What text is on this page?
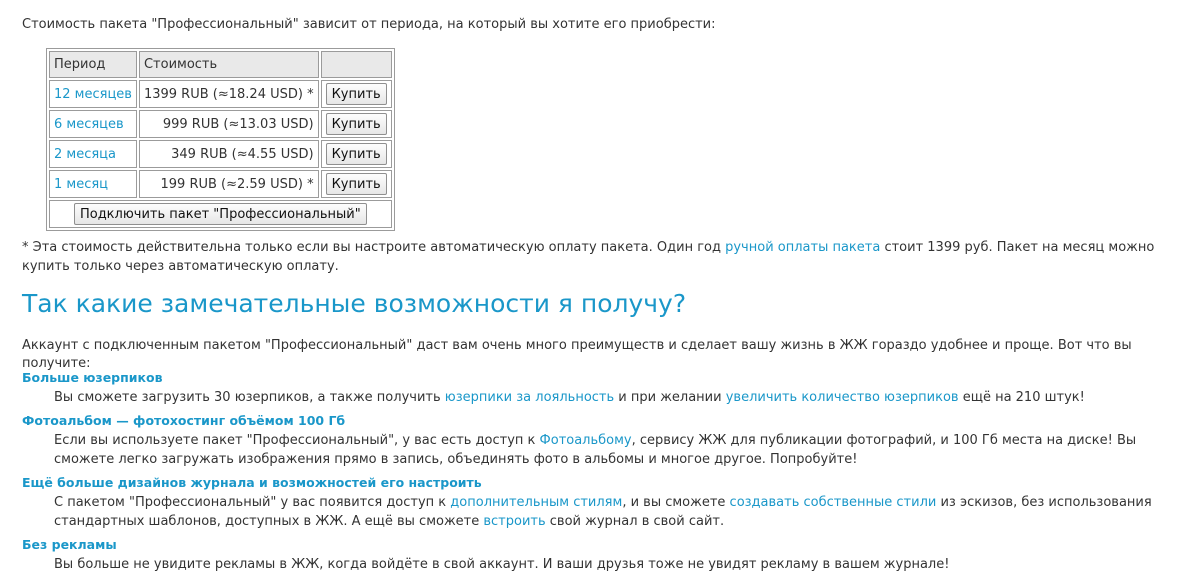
Стоимость пакета "Профессиональный" зависит от периода, на который вы хотите его приобрести:

Период	Стоимость	
12 месяцев	1399 RUB (≈18.24 USD) *	Купить
6 месяцев	999 RUB (≈13.03 USD)	Купить
2 месяца	349 RUB (≈4.55 USD)	Купить
1 месяц	199 RUB (≈2.59 USD) *	Купить
Подключить пакет "Профессиональный"		

* Эта стоимость действительна только если вы настроите автоматическую оплату пакета. Один год ручной оплаты пакета стоит 1399 руб. Пакет на месяц можно купить только через автоматическую оплату.

Так какие замечательные возможности я получу?

Аккаунт с подключенным пакетом "Профессиональный" даст вам очень много преимуществ и сделает вашу жизнь в ЖЖ гораздо удобнее и проще. Вот что вы получите:

Больше юзерпиков
Вы сможете загрузить 30 юзерпиков, а также получить юзерпики за лояльность и при желании увеличить количество юзерпиков ещё на 210 штук!
Фотоальбом — фотохостинг объёмом 100 Гб
Если вы используете пакет "Профессиональный", у вас есть доступ к Фотоальбому, сервису ЖЖ для публикации фотографий, и 100 Гб места на диске! Вы сможете легко загружать изображения прямо в запись, объединять фото в альбомы и многое другое. Попробуйте!
Ещё больше дизайнов журнала и возможностей его настроить
С пакетом "Профессиональный" у вас появится доступ к дополнительным стилям, и вы сможете создавать собственные стили из эскизов, без использования стандартных шаблонов, доступных в ЖЖ. А ещё вы сможете встроить свой журнал в свой сайт.
Без рекламы
Вы больше не увидите рекламы в ЖЖ, когда войдёте в свой аккаунт. И ваши друзья тоже не увидят рекламу в вашем журнале!
